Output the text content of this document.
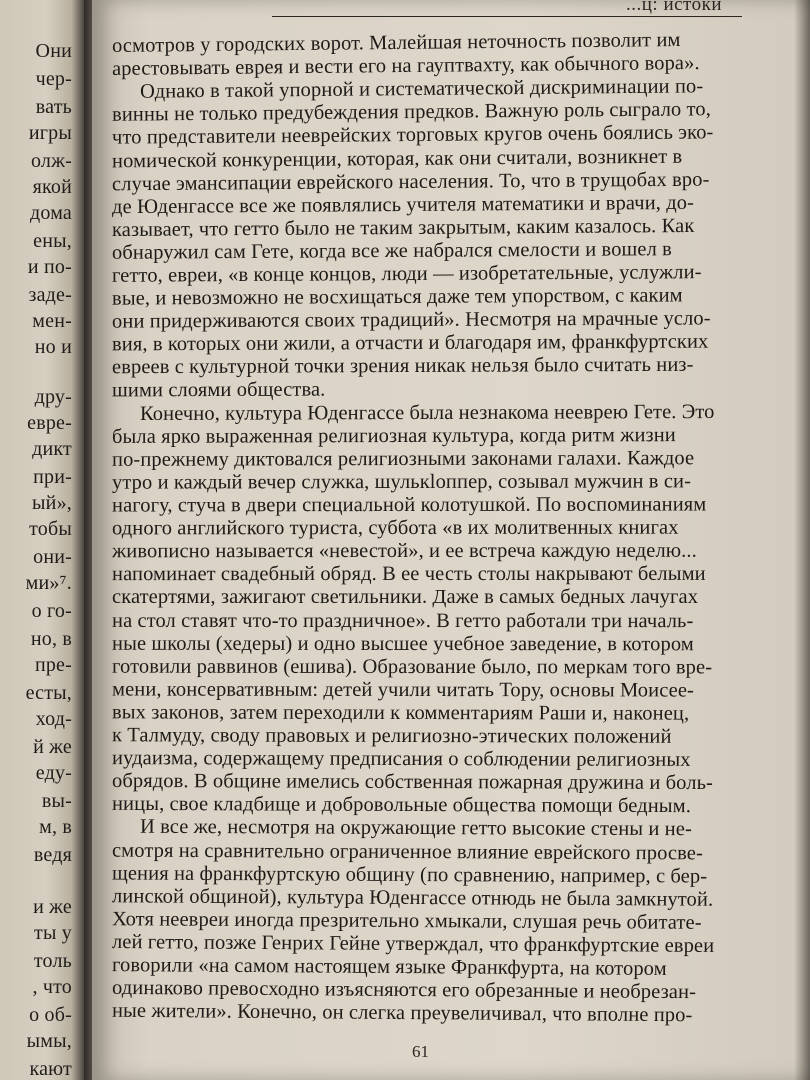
Они
чер-
вать
игры
олж-
якой
дома
ены,
и по-
заде-
мен-
но и
дру-
евре-
дикт
при-
ый»,
тобы
они-
ми»⁷.
о го-
но, в
пре-
есты,
ход-
й же
еду-
вы-
м, в
ведя
и же
ты у
толь
, что
о об-
ымы,
кают
...ц: истоки
осмотров у городских ворот. Малейшая неточность позволит им
арестовывать еврея и вести его на гауптвахту, как обычного вора».
Однако в такой упорной и систематической дискриминации по-
винны не только предубеждения предков. Важную роль сыграло то,
что представители нееврейских торговых кругов очень боялись эко-
номической конкуренции, которая, как они считали, возникнет в
случае эмансипации еврейского населения. То, что в трущобах вро-
де Юденгассе все же появлялись учителя математики и врачи, до-
казывает, что гетто было не таким закрытым, каким казалось. Как
обнаружил сам Гете, когда все же набрался смелости и вошел в
гетто, евреи, «в конце концов, люди — изобретательные, услужли-
вые, и невозможно не восхищаться даже тем упорством, с каким
они придерживаются своих традиций». Несмотря на мрачные усло-
вия, в которых они жили, а отчасти и благодаря им, франкфуртских
евреев с культурной точки зрения никак нельзя было считать низ-
шими слоями общества.
Конечно, культура Юденгассе была незнакома нееврею Гете. Это
была ярко выраженная религиозная культура, когда ритм жизни
по-прежнему диктовался религиозными законами галахи. Каждое
утро и каждый вечер служка, шулькloппер, созывал мужчин в си-
нагогу, стуча в двери специальной колотушкой. По воспоминаниям
одного английского туриста, суббота «в их молитвенных книгах
живописно называется «невестой», и ее встреча каждую неделю...
напоминает свадебный обряд. В ее честь столы накрывают белыми
скатертями, зажигают светильники. Даже в самых бедных лачугах
на стол ставят что-то праздничное». В гетто работали три началь-
ные школы (хедеры) и одно высшее учебное заведение, в котором
готовили раввинов (ешива). Образование было, по меркам того вре-
мени, консервативным: детей учили читать Тору, основы Моисее-
вых законов, затем переходили к комментариям Раши и, наконец,
к Талмуду, своду правовых и религиозно-этических положений
иудаизма, содержащему предписания о соблюдении религиозных
обрядов. В общине имелись собственная пожарная дружина и боль-
ницы, свое кладбище и добровольные общества помощи бедным.
И все же, несмотря на окружающие гетто высокие стены и не-
смотря на сравнительно ограниченное влияние еврейского просве-
щения на франкфуртскую общину (по сравнению, например, с бер-
линской общиной), культура Юденгассе отнюдь не была замкнутой.
Хотя неевреи иногда презрительно хмыкали, слушая речь обитате-
лей гетто, позже Генрих Гейне утверждал, что франкфуртские евреи
говорили «на самом настоящем языке Франкфурта, на котором
одинаково превосходно изъясняются его обрезанные и необрезан-
ные жители». Конечно, он слегка преувеличивал, что вполне про-
61
